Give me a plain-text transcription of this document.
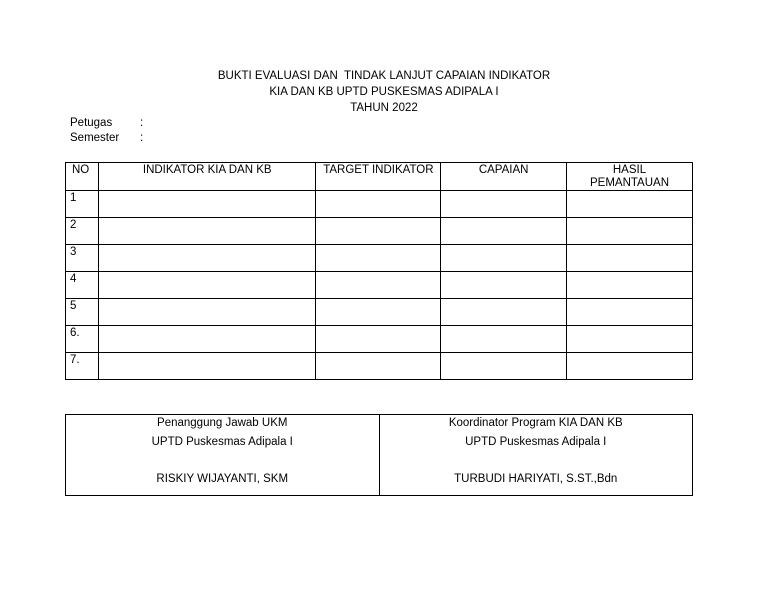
BUKTI EVALUASI DAN  TINDAK LANJUT CAPAIAN INDIKATOR
KIA DAN KB UPTD PUSKESMAS ADIPALA I
TAHUN 2022
Petugas :
Semester :
NO	INDIKATOR KIA DAN KB	TARGET INDIKATOR	CAPAIAN	HASIL PEMANTAUAN
1				
2				
3				
4				
5				
6.				
7.				
Penanggung Jawab UKM
UPTD Puskesmas Adipala I
RISKIY WIJAYANTI, SKM

Koordinator Program KIA DAN KB
UPTD Puskesmas Adipala I
TURBUDI HARIYATI, S.ST.,Bdn
